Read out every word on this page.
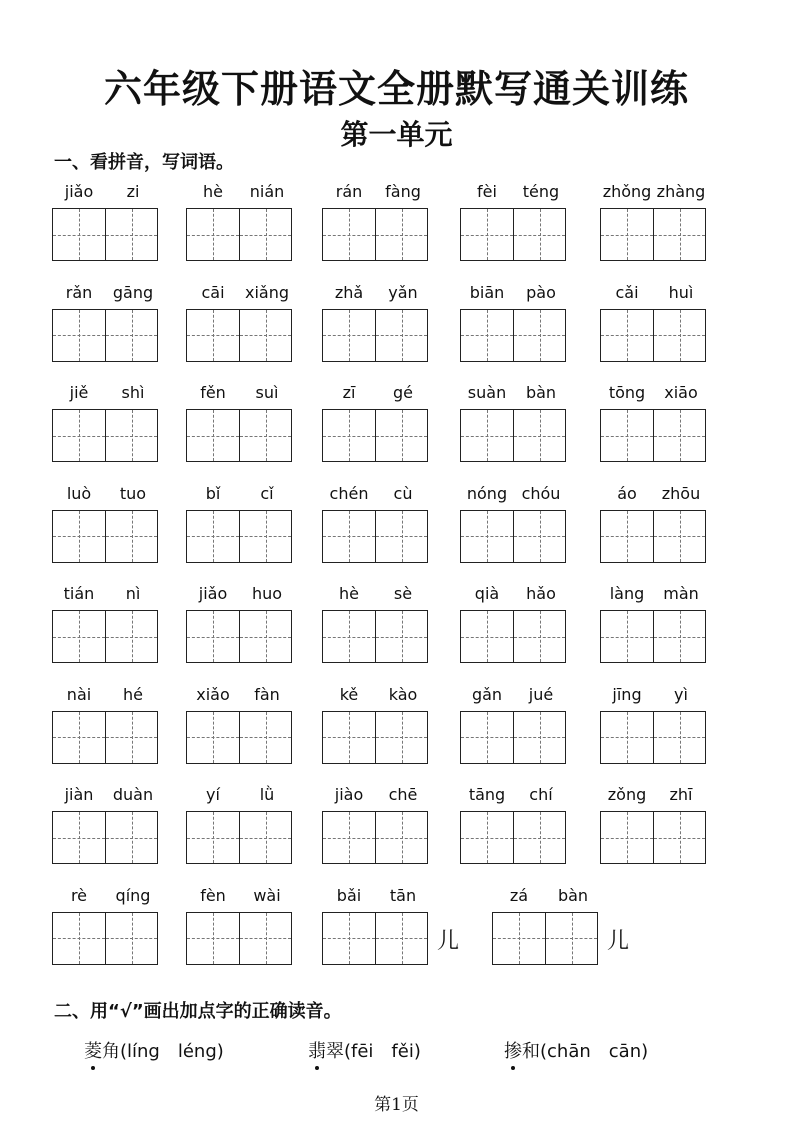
六年级下册语文全册默写通关训练
第一单元
一、看拼音，写词语。
jiǎo	zi	hè	nián	rán	fàng	fèi	téng	zhǒng zhàng
rǎn	gāng	cāi	xiǎng	zhǎ	yǎn	biān	pào	cǎi	huì
jiě	shì	fěn	suì	zī	gé	suàn	bàn	tōng	xiāo
luò	tuo	bǐ	cǐ	chén	cù	nóng chóu	áo	zhōu
tián	nì	jiǎo	huo	hè	sè	qià	hǎo	làng	màn
nài	hé	xiǎo	fàn	kě	kào	gǎn	jué	jīng	yì
jiàn	duàn	yí	lǜ	jiào	chē	tāng	chí	zǒng	zhī
rè	qíng	fèn	wài	bǎi	tān	zá	bàn
儿	儿
二、用“√”画出加点字的正确读音。
菱角(líng　léng)	翡翠(fēi　fěi)	掺和(chān　cān)
第1页
